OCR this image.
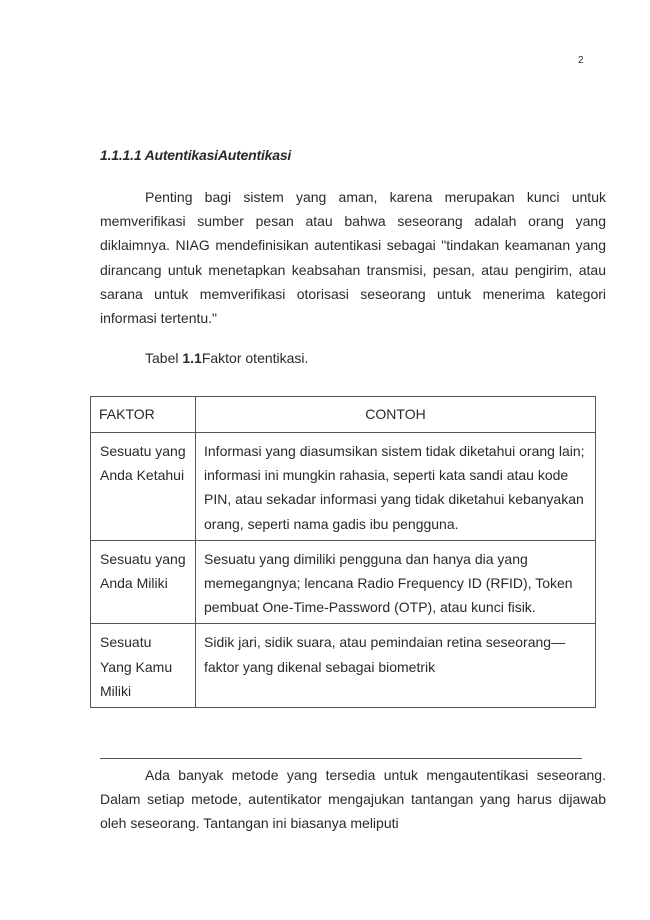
2
1.1.1.1 AutentikasiAutentikasi

Penting bagi sistem yang aman, karena merupakan kunci untuk memverifikasi sumber pesan atau bahwa seseorang adalah orang yang diklaimnya. NIAG mendefinisikan autentikasi sebagai "tindakan keamanan yang dirancang untuk menetapkan keabsahan transmisi, pesan, atau pengirim, atau sarana untuk memverifikasi otorisasi seseorang untuk menerima kategori informasi tertentu."

Tabel 1.1Faktor otentikasi.
FAKTOR	CONTOH
Sesuatu yang Anda Ketahui	Informasi yang diasumsikan sistem tidak diketahui orang lain; informasi ini mungkin rahasia, seperti kata sandi atau kode PIN, atau sekadar informasi yang tidak diketahui kebanyakan orang, seperti nama gadis ibu pengguna.
Sesuatu yang Anda Miliki	Sesuatu yang dimiliki pengguna dan hanya dia yang memegangnya; lencana Radio Frequency ID (RFID), Token pembuat One-Time-Password (OTP), atau kunci fisik.
Sesuatu Yang Kamu Miliki	Sidik jari, sidik suara, atau pemindaian retina seseorang—faktor yang dikenal sebagai biometrik

Ada banyak metode yang tersedia untuk mengautentikasi seseorang. Dalam setiap metode, autentikator mengajukan tantangan yang harus dijawab oleh seseorang. Tantangan ini biasanya meliputi
